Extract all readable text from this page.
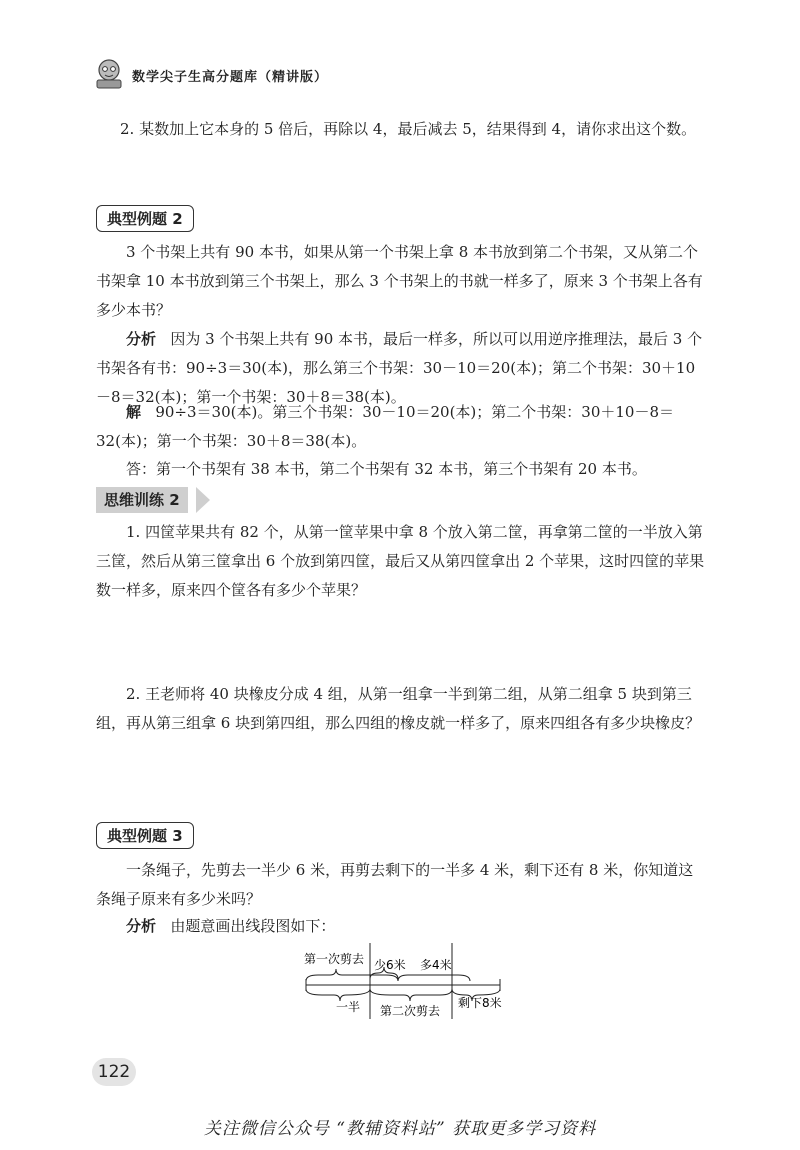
数学尖子生高分题库（精讲版）
2. 某数加上它本身的 5 倍后，再除以 4，最后减去 5，结果得到 4，请你求出这个数。
典型例题 2
3 个书架上共有 90 本书，如果从第一个书架上拿 8 本书放到第二个书架，又从第二个书架拿 10 本书放到第三个书架上，那么 3 个书架上的书就一样多了，原来 3 个书架上各有多少本书？
分析 因为 3 个书架上共有 90 本书，最后一样多，所以可以用逆序推理法，最后 3 个书架各有书：90÷3＝30(本)，那么第三个书架：30－10＝20(本)；第二个书架：30＋10－8＝32(本)；第一个书架：30＋8＝38(本)。
解 90÷3＝30(本)。第三个书架：30－10＝20(本)；第二个书架：30＋10－8＝32(本)；第一个书架：30＋8＝38(本)。
答：第一个书架有 38 本书，第二个书架有 32 本书，第三个书架有 20 本书。
思维训练 2
1. 四筐苹果共有 82 个，从第一筐苹果中拿 8 个放入第二筐，再拿第二筐的一半放入第三筐，然后从第三筐拿出 6 个放到第四筐，最后又从第四筐拿出 2 个苹果，这时四筐的苹果数一样多，原来四个筐各有多少个苹果？
2. 王老师将 40 块橡皮分成 4 组，从第一组拿一半到第二组，从第二组拿 5 块到第三组，再从第三组拿 6 块到第四组，那么四组的橡皮就一样多了，原来四组各有多少块橡皮？
典型例题 3
一条绳子，先剪去一半少 6 米，再剪去剩下的一半多 4 米，剩下还有 8 米，你知道这条绳子原来有多少米吗？
分析 由题意画出线段图如下：
第一次剪去 少6米 多4米
一半 第二次剪去
剩下8米
122
关注微信公众号 “教辅资料站” 获取更多学习资料
